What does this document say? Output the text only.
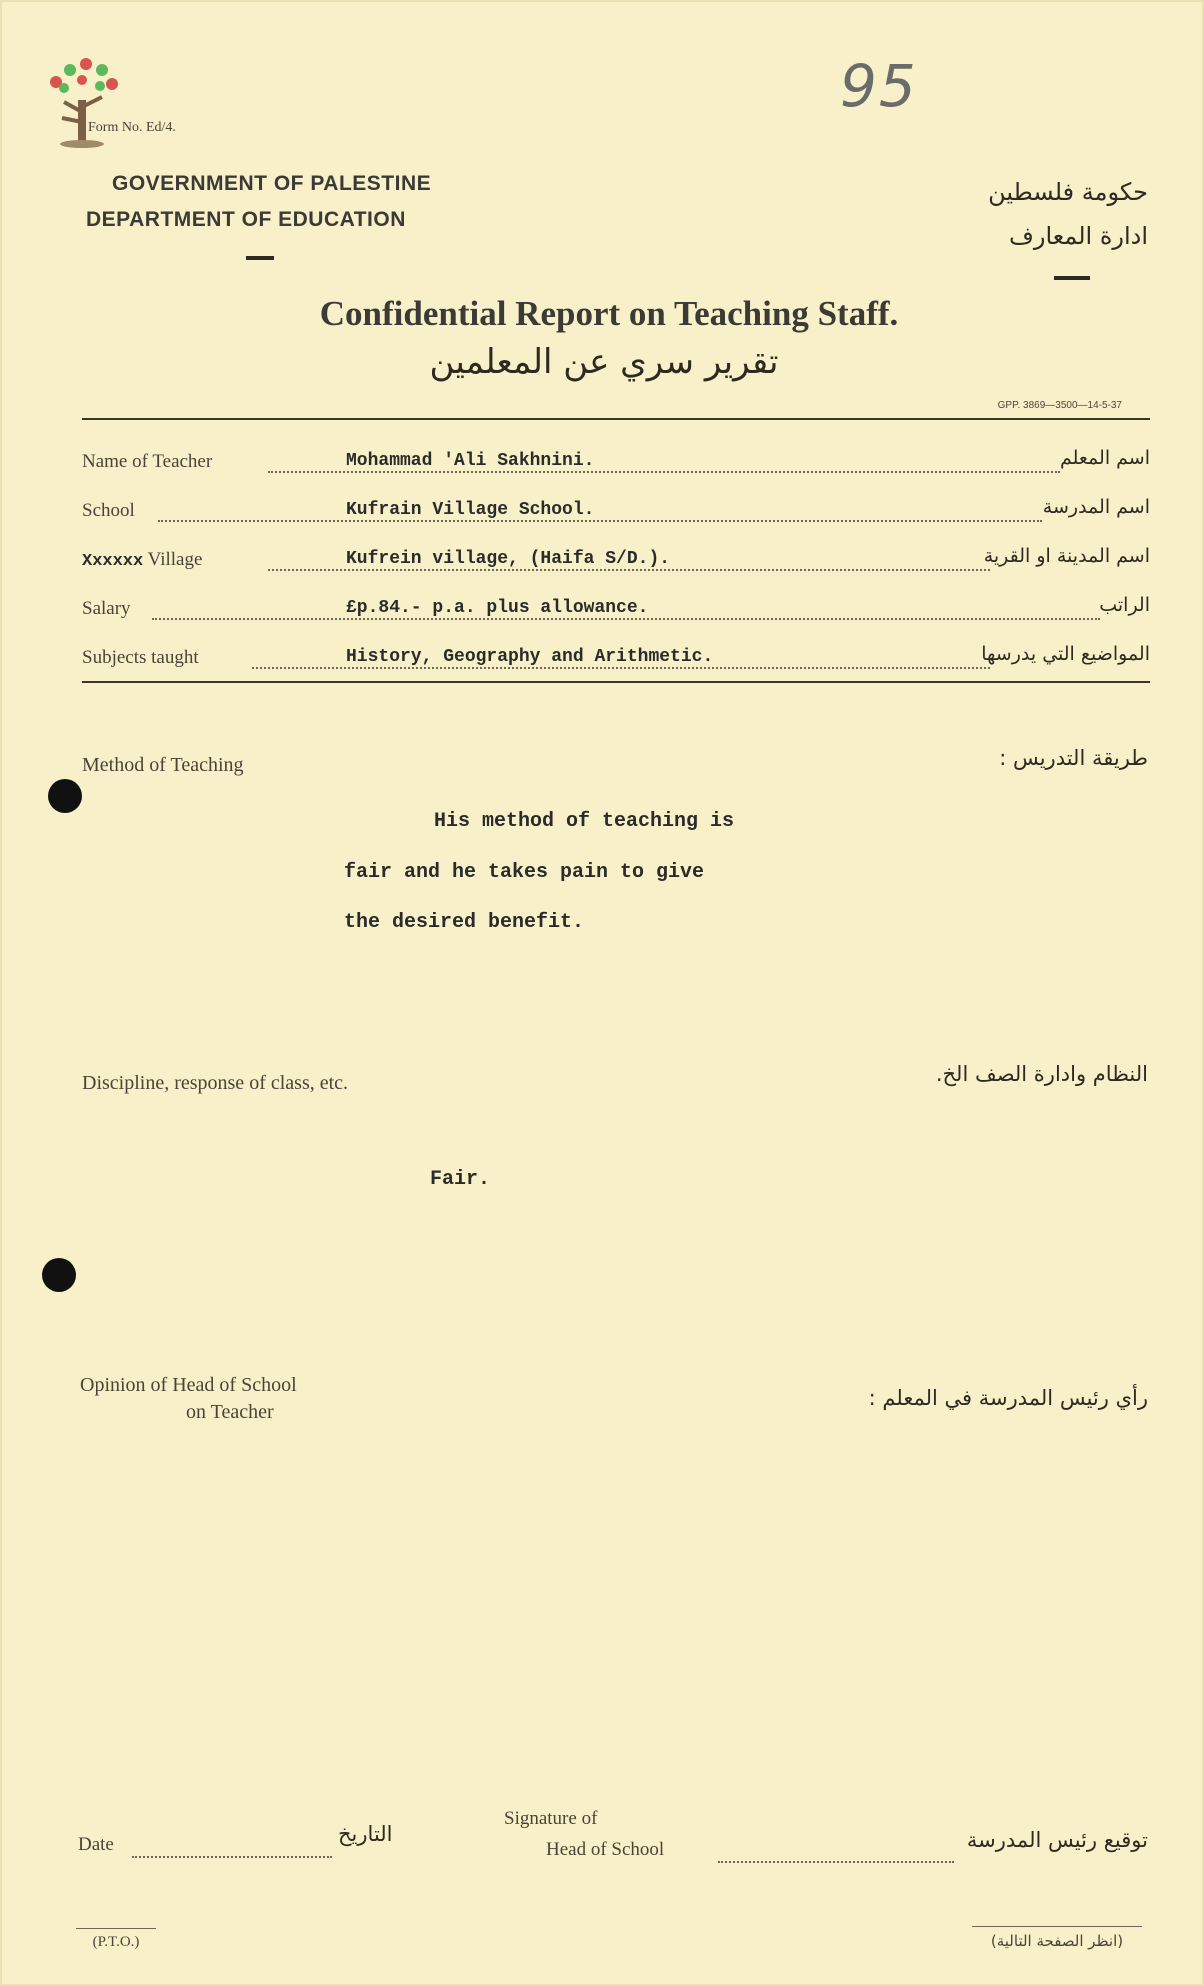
Form No. Ed/4.
95
GOVERNMENT OF PALESTINE
DEPARTMENT OF EDUCATION
حكومة فلسطين
ادارة المعارف
Confidential Report on Teaching Staff.
تقرير سري عن المعلمين
GPP. 3869—3500—14-5-37
Name of Teacher	Mohammad 'Ali Sakhnini.	اسم المعلم
School	Kufrain Village School.	اسم المدرسة
Xxxxxx Village	Kufrein village, (Haifa S/D.).	اسم المدينة او القرية
Salary	£p.84.- p.a. plus allowance.	الراتب
Subjects taught	History, Geography and Arithmetic.	المواضيع التي يدرسها
Method of Teaching	طريقة التدريس :
His method of teaching is
fair and he takes pain to give
the desired benefit.
Discipline, response of class, etc.	النظام وادارة الصف الخ.
Fair.
Opinion of Head of School
on Teacher
رأي رئيس المدرسة في المعلم :
Date	التاريخ
Signature of
Head of School	توقيع رئيس المدرسة
(P.T.O.)	(انظر الصفحة التالية)
